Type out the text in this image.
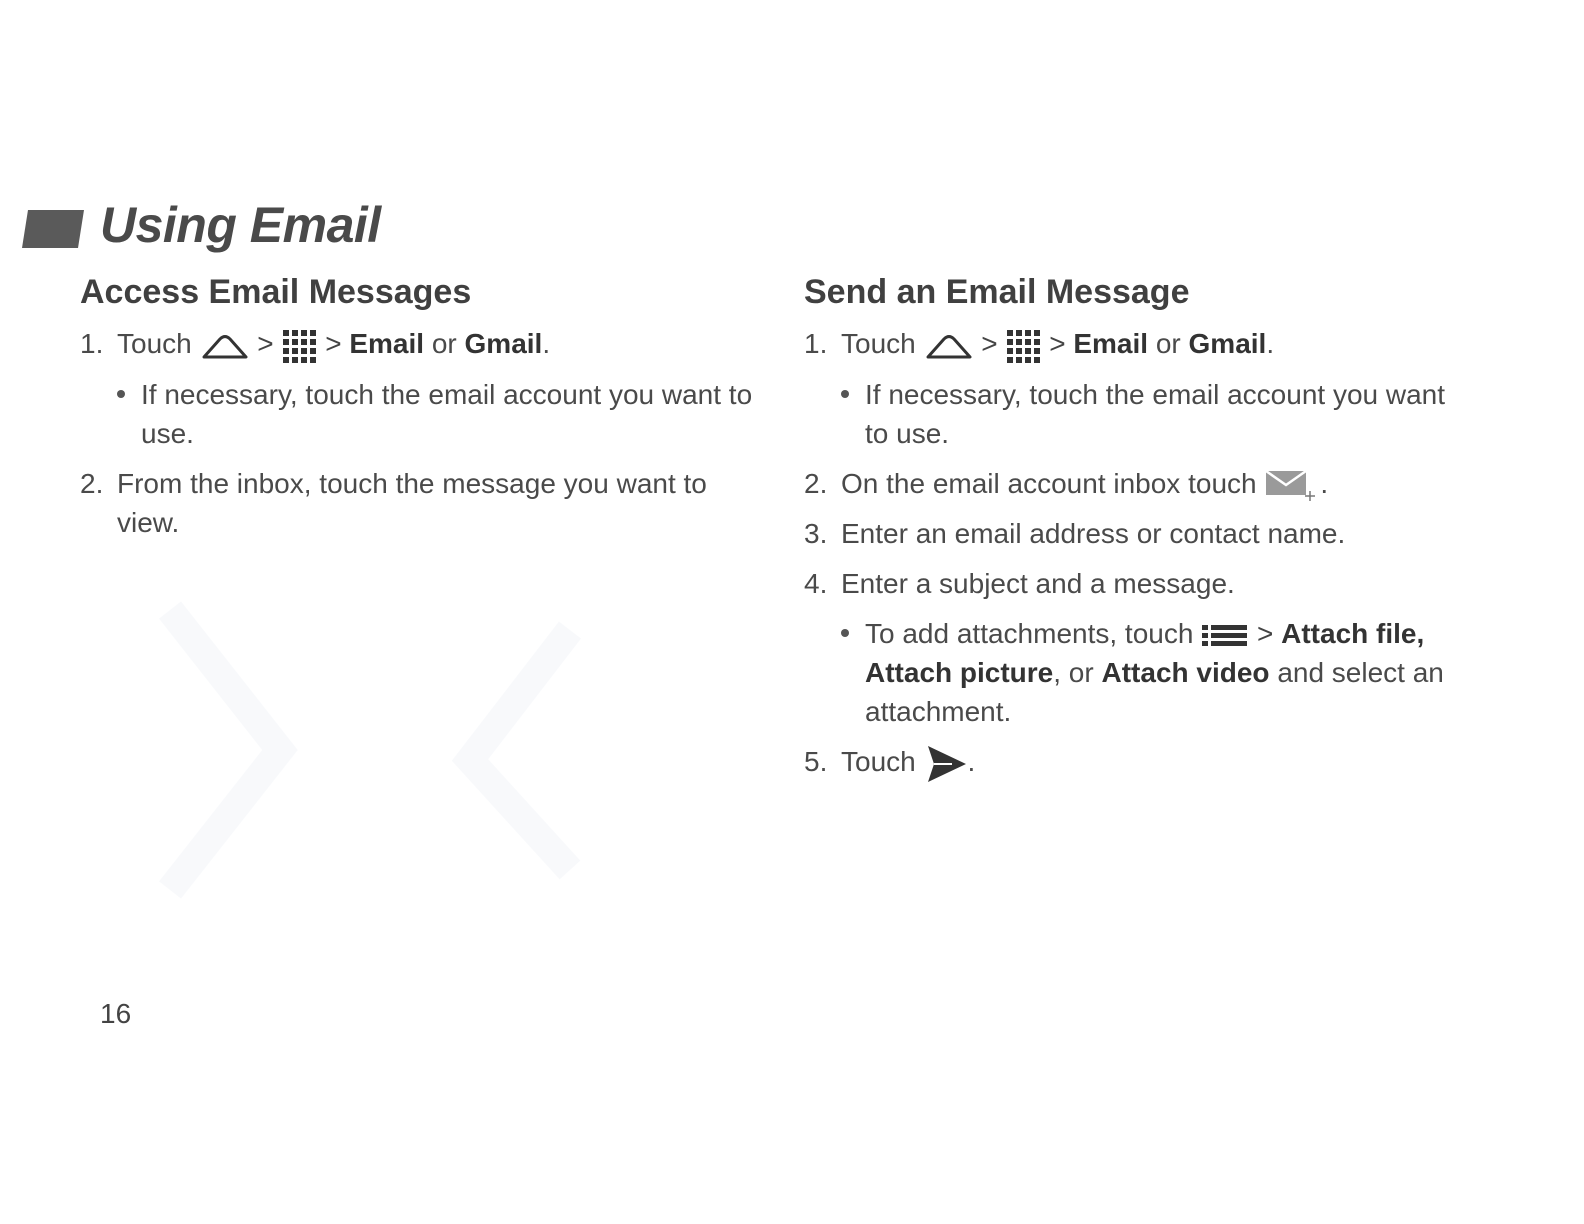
Using Email
Access Email Messages
1. Touch > > Email or Gmail.
If necessary, touch the email account you want to use.
2. From the inbox, touch the message you want to view.
Send an Email Message
1. Touch > > Email or Gmail.
If necessary, touch the email account you want to use.
2. On the email account inbox touch .
3. Enter an email address or contact name.
4. Enter a subject and a message.
To add attachments, touch > Attach file, Attach picture, or Attach video and select an attachment.
5. Touch .
16
